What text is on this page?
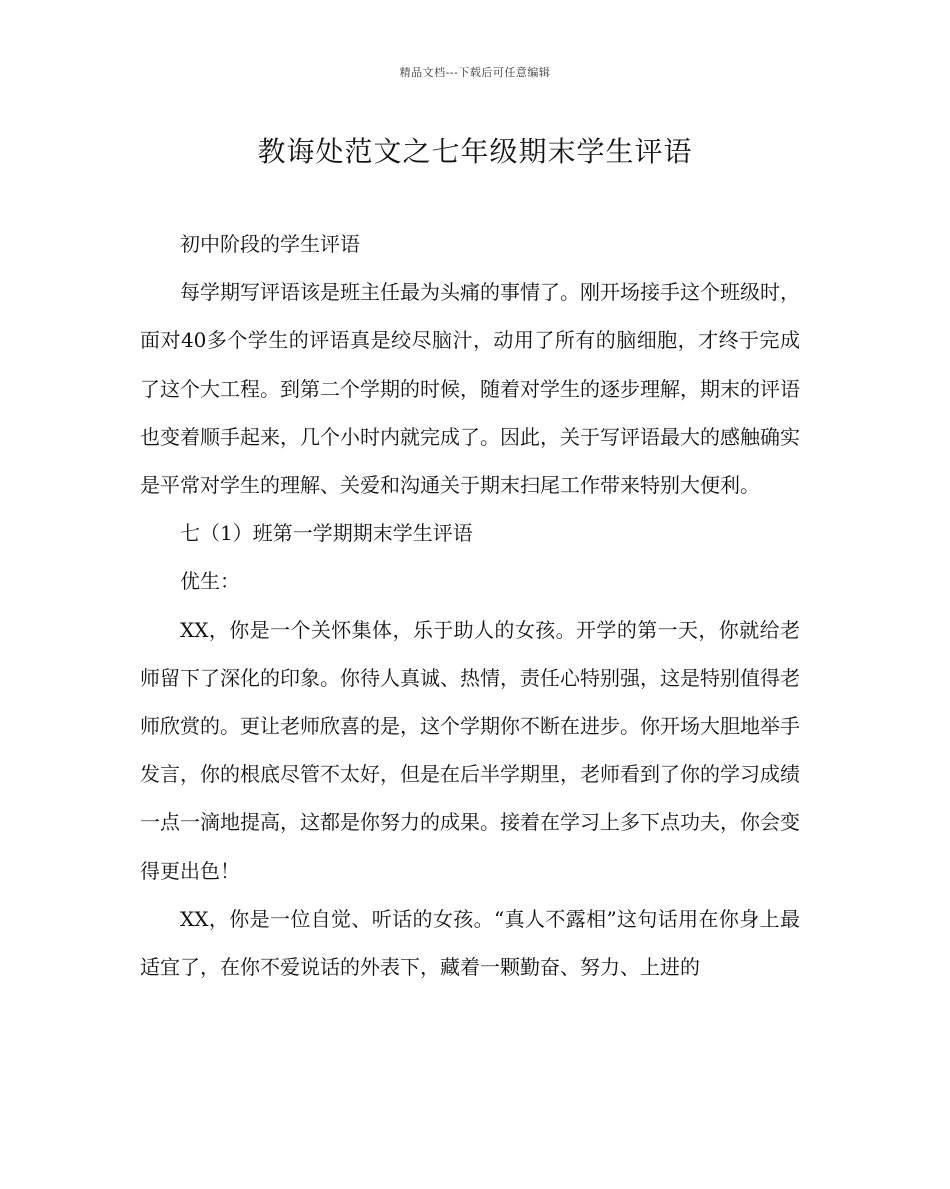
精品文档---下载后可任意编辑
教诲处范文之七年级期末学生评语

初中阶段的学生评语

每学期写评语该是班主任最为头痛的事情了。刚开场接手这个班级时，面对40多个学生的评语真是绞尽脑汁，动用了所有的脑细胞，才终于完成了这个大工程。到第二个学期的时候，随着对学生的逐步理解，期末的评语也变着顺手起来，几个小时内就完成了。因此，关于写评语最大的感触确实是平常对学生的理解、关爱和沟通关于期末扫尾工作带来特别大便利。

七（1）班第一学期期末学生评语

优生：

XX，你是一个关怀集体，乐于助人的女孩。开学的第一天，你就给老师留下了深化的印象。你待人真诚、热情，责任心特别强，这是特别值得老师欣赏的。更让老师欣喜的是，这个学期你不断在进步。你开场大胆地举手发言，你的根底尽管不太好，但是在后半学期里，老师看到了你的学习成绩一点一滴地提高，这都是你努力的成果。接着在学习上多下点功夫，你会变得更出色！

XX，你是一位自觉、听话的女孩。“真人不露相”这句话用在你身上最适宜了，在你不爱说话的外表下，藏着一颗勤奋、努力、上进的
